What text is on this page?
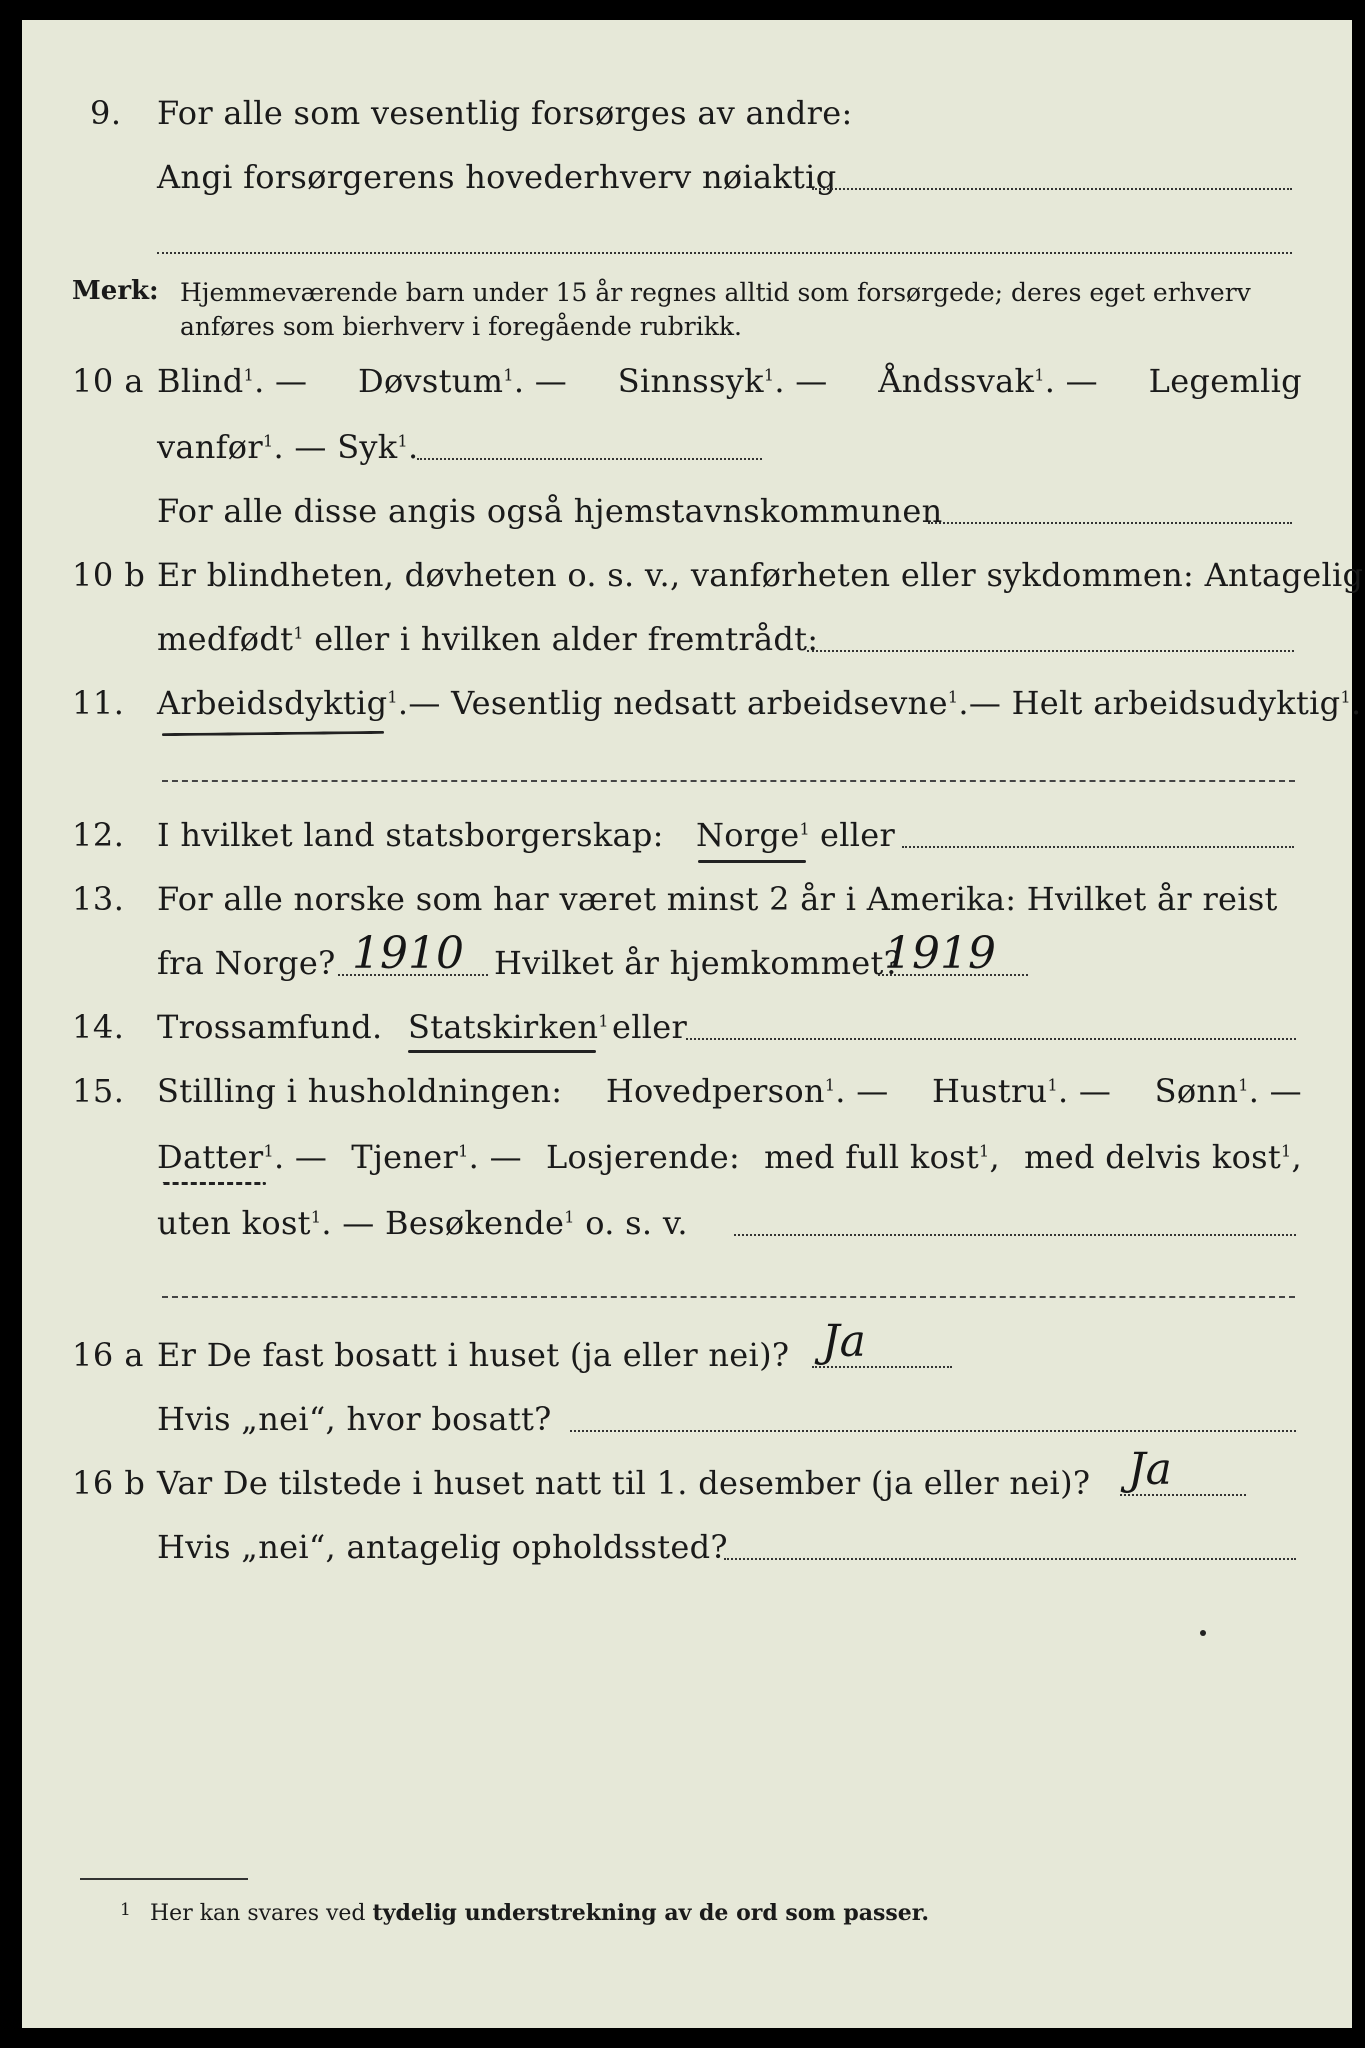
9. For alle som vesentlig forsørges av andre:
Angi forsørgerens hovederhverv nøiaktig
Merk: Hjemmeværende barn under 15 år regnes alltid som forsørgede; deres eget erhverv
anføres som bierhverv i foregående rubrikk.
10 a Blind$^1$. — Døvstum$^1$. — Sinnssyk$^1$. — Åndssvak$^1$. — Legemlig
vanfør$^1$. — Syk$^1$.
For alle disse angis også hjemstavnskommunen
10 b Er blindheten, døvheten o. s. v., vanførheten eller sykdommen: Antagelig
medfødt$^1$ eller i hvilken alder fremtrådt:
11. Arbeidsdyktig$^1$. — Vesentlig nedsatt arbeidsevne$^1$. — Helt arbeidsudyktig$^1$.
12. I hvilket land statsborgerskap: Norge$^1$ eller
13. For alle norske som har været minst 2 år i Amerika: Hvilket år reist
fra Norge? 1910 Hvilket år hjemkommet?
1919
14. Trossamfund. Statskirken$^1$ eller
15. Stilling i husholdningen: Hovedperson$^1$. — Hustru$^1$. — Sønn$^1$. —
Datter$^1$. — Tjener$^1$. — Losjerende: med full kost$^1$, med delvis kost$^1$,
uten kost$^1$. — Besøkende$^1$ o. s. v.
16 a Er De fast bosatt i huset (ja eller nei)? Ja
Hvis „nei“, hvor bosatt?
16 b Var De tilstede i huset natt til 1. desember (ja eller nei)? Ja
Hvis „nei“, antagelig opholdssted?
1 Her kan svares ved tydelig understrekning av de ord som passer.
